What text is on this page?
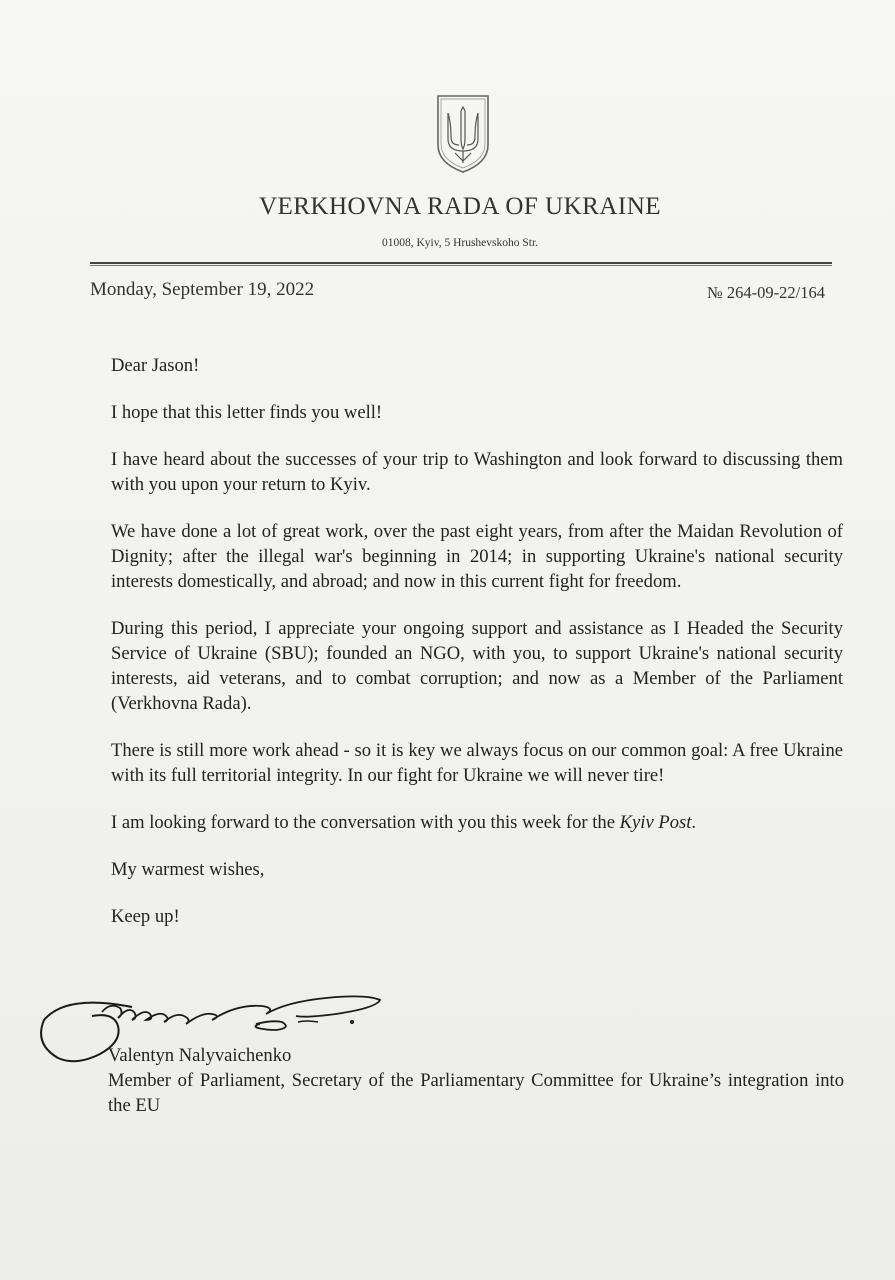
VERKHOVNA RADA OF UKRAINE
01008, Kyiv, 5 Hrushevskoho Str.
Monday, September 19, 2022	№ 264-09-22/164

Dear Jason!

I hope that this letter finds you well!

I have heard about the successes of your trip to Washington and look forward to discussing them with you upon your return to Kyiv.

We have done a lot of great work, over the past eight years, from after the Maidan Revolution of Dignity; after the illegal war's beginning in 2014; in supporting Ukraine's national security interests domestically, and abroad; and now in this current fight for freedom.

During this period, I appreciate your ongoing support and assistance as I Headed the Security Service of Ukraine (SBU); founded an NGO, with you, to support Ukraine's national security interests, aid veterans, and to combat corruption; and now as a Member of the Parliament (Verkhovna Rada).

There is still more work ahead - so it is key we always focus on our common goal: A free Ukraine with its full territorial integrity. In our fight for Ukraine we will never tire!

I am looking forward to the conversation with you this week for the Kyiv Post.

My warmest wishes,

Keep up!

Valentyn Nalyvaichenko
Member of Parliament, Secretary of the Parliamentary Committee for Ukraine’s integration into the EU
